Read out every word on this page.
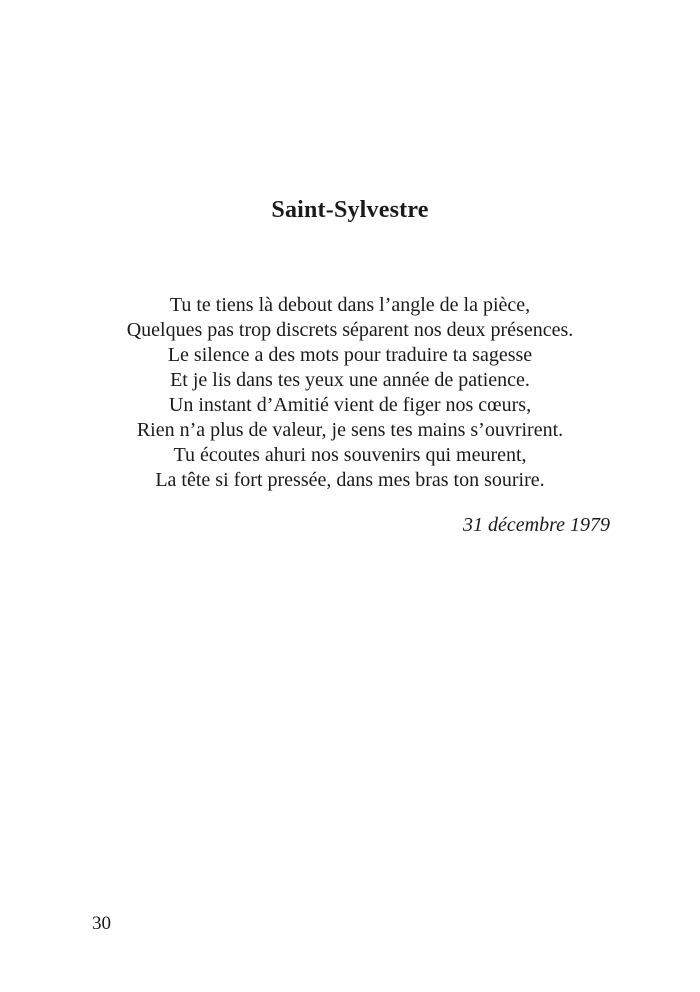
Saint-Sylvestre
Tu te tiens là debout dans l’angle de la pièce,
Quelques pas trop discrets séparent nos deux présences.
Le silence a des mots pour traduire ta sagesse
Et je lis dans tes yeux une année de patience.
Un instant d’Amitié vient de figer nos cœurs,
Rien n’a plus de valeur, je sens tes mains s’ouvrirent.
Tu écoutes ahuri nos souvenirs qui meurent,
La tête si fort pressée, dans mes bras ton sourire.
31 décembre 1979
30
